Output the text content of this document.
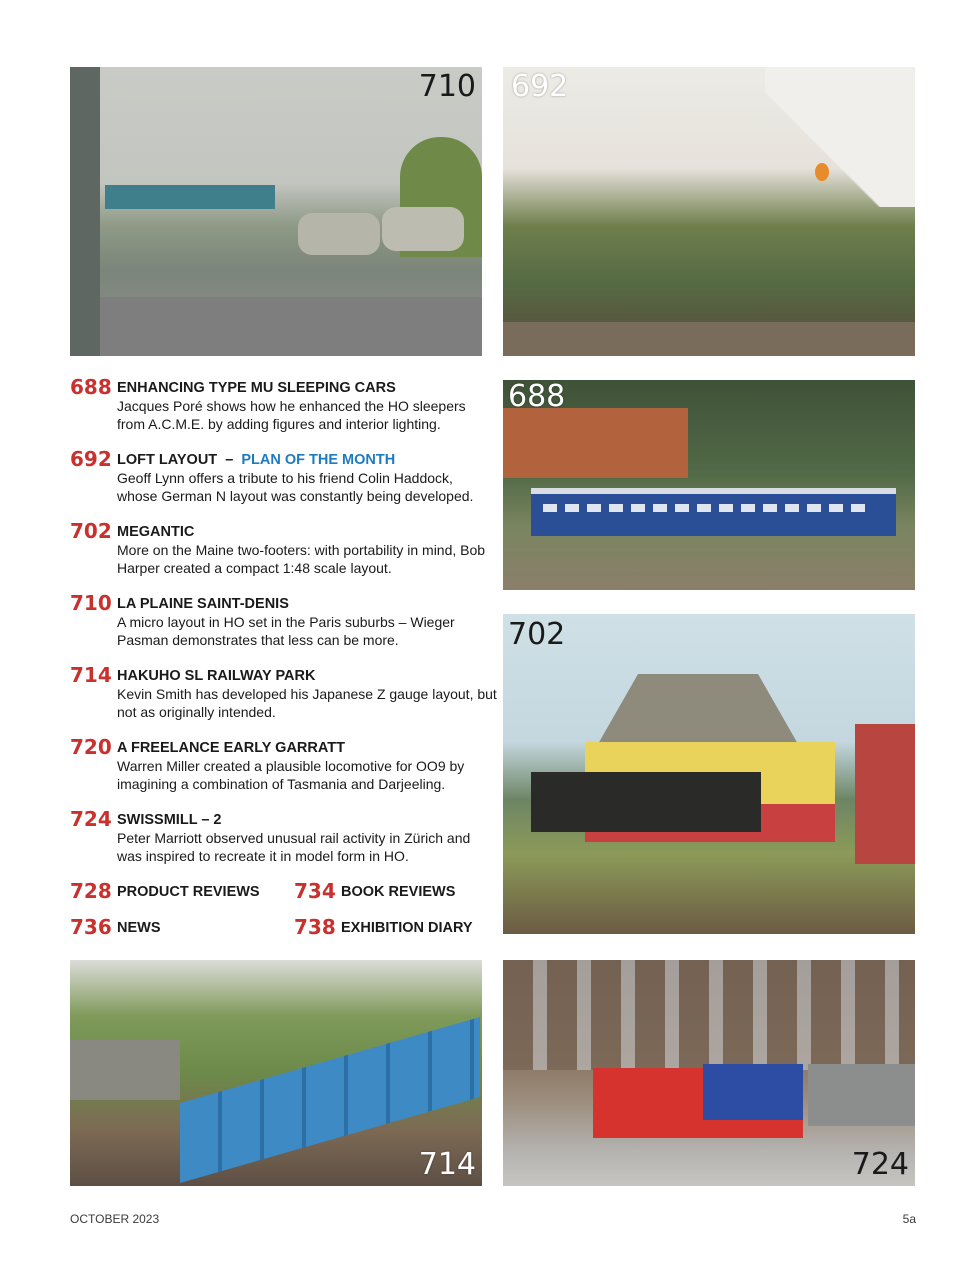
710 692
688
702
714	724
688 ENHANCING TYPE MU SLEEPING CARS
Jacques Poré shows how he enhanced the HO sleepers from A.C.M.E. by adding figures and interior lighting.
692 LOFT LAYOUT – PLAN OF THE MONTH
Geoff Lynn offers a tribute to his friend Colin Haddock, whose German N layout was constantly being developed.
702 MEGANTIC
More on the Maine two-footers: with portability in mind, Bob Harper created a compact 1:48 scale layout.
710 LA PLAINE SAINT-DENIS
A micro layout in HO set in the Paris suburbs – Wieger Pasman demonstrates that less can be more.
714 HAKUHO SL RAILWAY PARK
Kevin Smith has developed his Japanese Z gauge layout, but not as originally intended.
720 A FREELANCE EARLY GARRATT
Warren Miller created a plausible locomotive for OO9 by imagining a combination of Tasmania and Darjeeling.
724 SWISSMILL – 2
Peter Marriott observed unusual rail activity in Zürich and was inspired to recreate it in model form in HO.
728 PRODUCT REVIEWS 734 BOOK REVIEWS
736 NEWS	738 EXHIBITION DIARY
OCTOBER 2023	5a
